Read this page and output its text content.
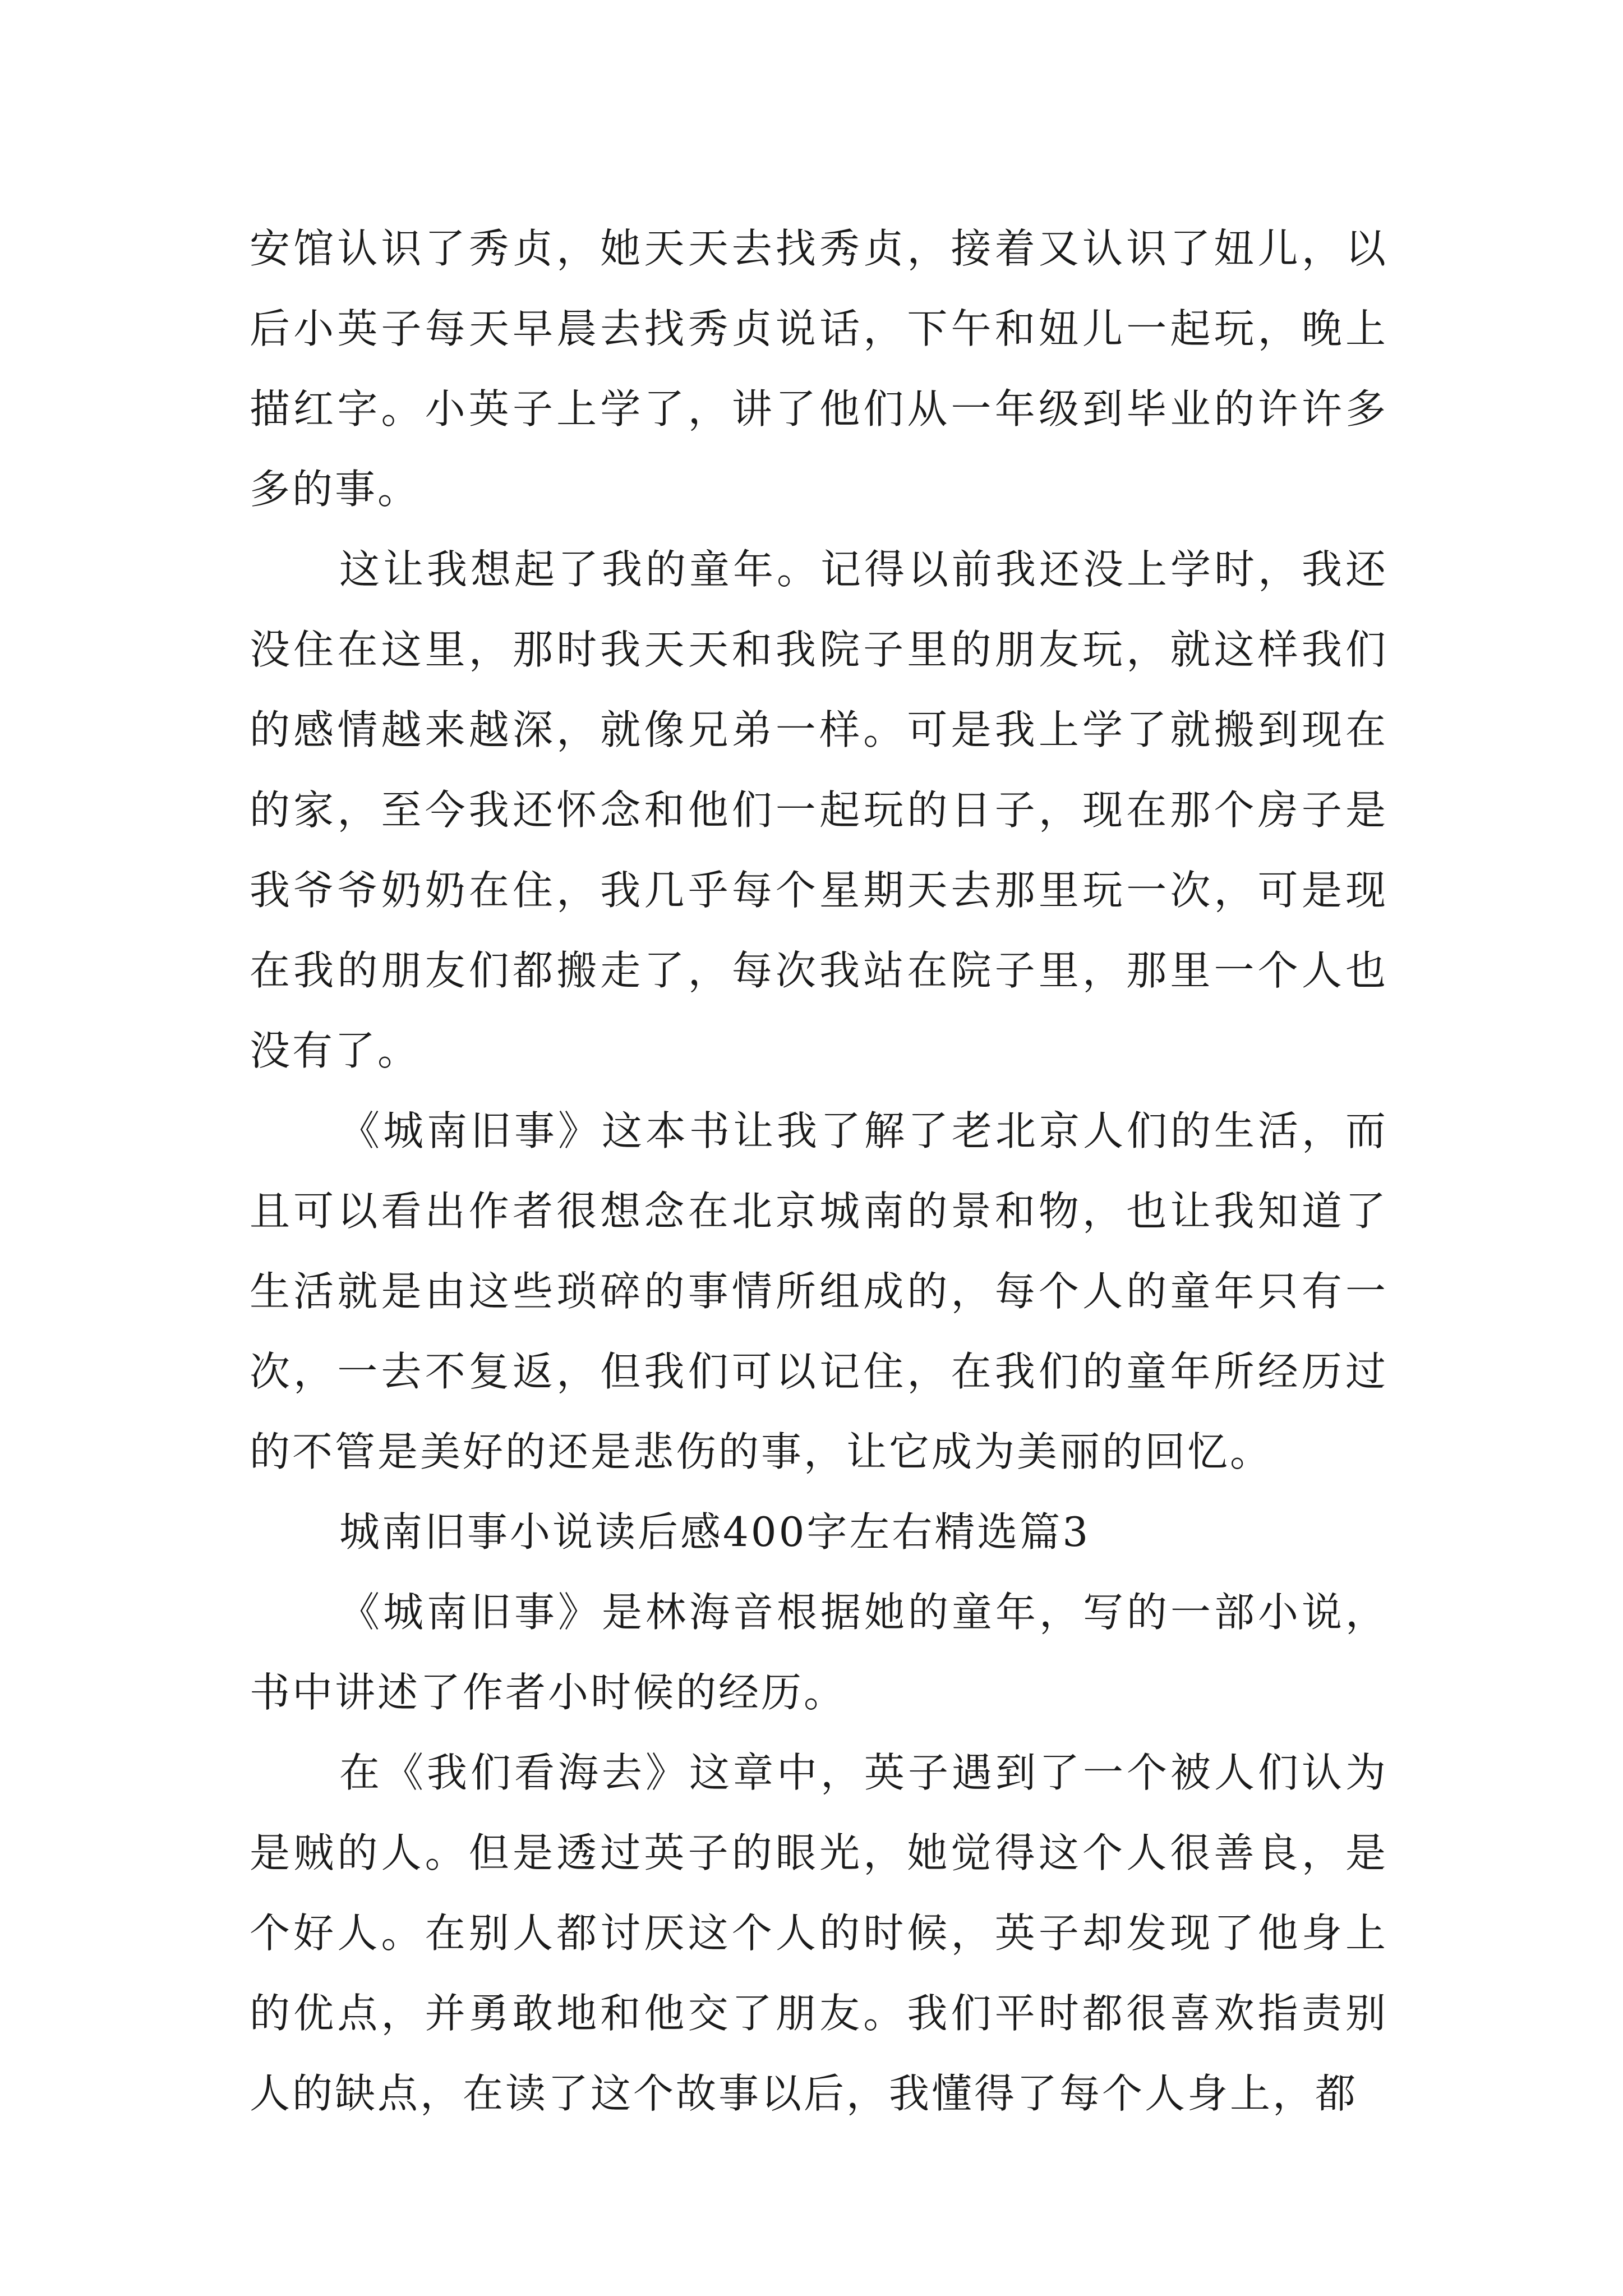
安馆认识了秀贞，她天天去找秀贞，接着又认识了妞儿，以后小英子每天早晨去找秀贞说话，下午和妞儿一起玩，晚上描红字。小英子上学了，讲了他们从一年级到毕业的许许多多的事。

这让我想起了我的童年。记得以前我还没上学时，我还没住在这里，那时我天天和我院子里的朋友玩，就这样我们的感情越来越深，就像兄弟一样。可是我上学了就搬到现在的家，至今我还怀念和他们一起玩的日子，现在那个房子是我爷爷奶奶在住，我几乎每个星期天去那里玩一次，可是现在我的朋友们都搬走了，每次我站在院子里，那里一个人也没有了。

《城南旧事》这本书让我了解了老北京人们的生活，而且可以看出作者很想念在北京城南的景和物，也让我知道了生活就是由这些琐碎的事情所组成的，每个人的童年只有一次，一去不复返，但我们可以记住，在我们的童年所经历过的不管是美好的还是悲伤的事，让它成为美丽的回忆。

城南旧事小说读后感400字左右精选篇3

《城南旧事》是林海音根据她的童年，写的一部小说，书中讲述了作者小时候的经历。

在《我们看海去》这章中，英子遇到了一个被人们认为是贼的人。但是透过英子的眼光，她觉得这个人很善良，是个好人。在别人都讨厌这个人的时候，英子却发现了他身上的优点，并勇敢地和他交了朋友。我们平时都很喜欢指责别人的缺点，在读了这个故事以后，我懂得了每个人身上，都
